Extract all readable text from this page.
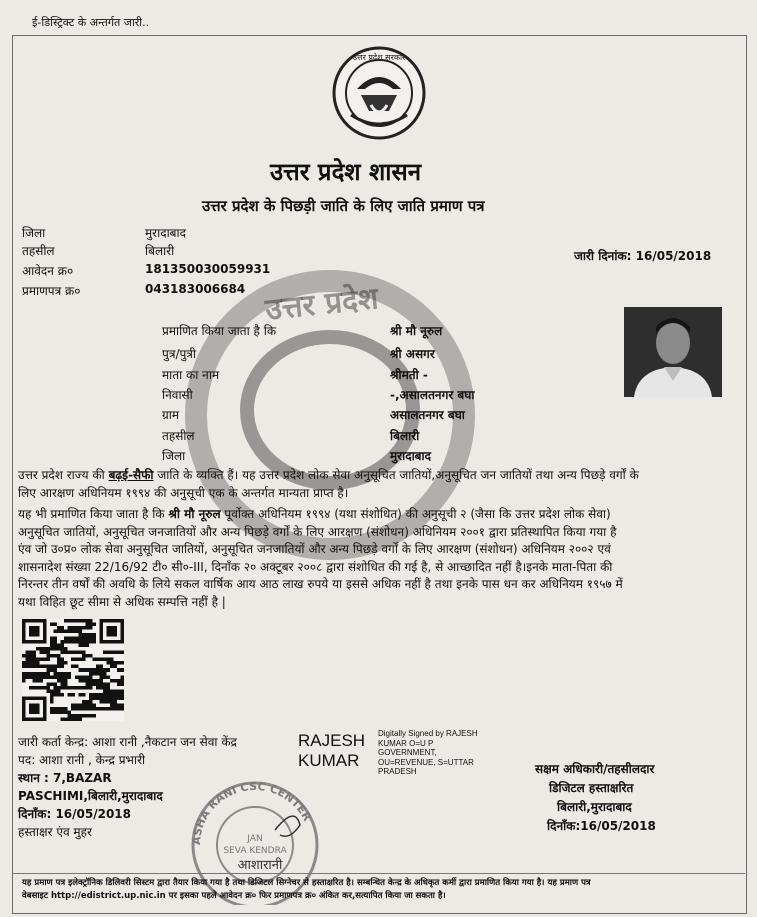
ई-डिस्ट्रिक्ट के अन्तर्गत जारी..
उत्तर प्रदेश
उत्तर प्रदेश सरकार
उत्तर प्रदेश शासन
उत्तर प्रदेश के पिछड़ी जाति के लिए जाति प्रमाण पत्र
जिला	मुरादाबाद
तहसील	बिलारी
आवेदन क्र०	181350030059931
प्रमाणपत्र क्र०	043183006684
जारी दिनांक: 16/05/2018
प्रमाणित किया जाता है कि	श्री मौ नूरुल
पुत्र/पुत्री	श्री असगर
माता का नाम	श्रीमती -
निवासी	-,असालतनगर बघा
ग्राम	असालतनगर बघा
तहसील	बिलारी
जिला	मुरादाबाद
उत्तर प्रदेश राज्य की बढ़ई-सैफी जाति के व्यक्ति हैं। यह उत्तर प्रदेश लोक सेवा अनुसूचित जातियों,अनुसूचित जन जातियों तथा अन्य पिछड़े वर्गों के
लिए आरक्षण अधिनियम १९९४ की अनुसूची एक के अन्तर्गत मान्यता प्राप्त है।
यह भी प्रमाणित किया जाता है कि श्री मौ नूरुल पूर्वोक्त अधिनियम १९९४ (यथा संशोधित) की अनुसूची २ (जैसा कि उत्तर प्रदेश लोक सेवा)
अनुसूचित जातियों, अनुसूचित जनजातियों और अन्य पिछड़े वर्गों के लिए आरक्षण (संशोधन) अधिनियम २००१ द्वारा प्रतिस्थापित किया गया है
एंव जो उ०प्र० लोक सेवा अनुसूचित जातियों, अनुसूचित जनजातियों और अन्य पिछड़े वर्गों के लिए आरक्षण (संशोधन) अधिनियम २००२ एवं
शासनादेश संख्या 22/16/92 टी० सी०-III, दिनाँक २० अक्टूबर २००८ द्वारा संशोधित की गई है, से आच्छादित नहीं है।इनके माता-पिता की
निरन्तर तीन वर्षों की अवधि के लिये सकल वार्षिक आय आठ लाख रुपये या इससे अधिक नहीं है तथा इनके पास धन कर अधिनियम १९५७ में
यथा विहित छूट सीमा से अधिक सम्पत्ति नहीं है |
जारी कर्ता केन्द्र: आशा रानी ,नैकटान जन सेवा केंद्र
पद: आशा रानी , केन्द्र प्रभारी
स्थान : 7,BAZAR
PASCHIMI,बिलारी,मुरादाबाद
दिनाँक: 16/05/2018
हस्ताक्षर एंव मुहर
ASHA RANI CSC CENTER
JAN
SEVA KENDRA
आशारानी
RAJESH
KUMAR
Digitally Signed by RAJESH
KUMAR O=U P
GOVERNMENT,
OU=REVENUE, S=UTTAR
PRADESH	सक्षम अधिकारी/तहसीलदार
डिजिटल हस्ताक्षरित
बिलारी,मुरादाबाद
दिनाँक:16/05/2018
यह प्रमाण पत्र इलेक्ट्रॉनिक डिलिवरी सिस्टम द्वारा तैयार किया गया है तथा डिजिटल सिग्नेचर से हस्ताक्षरित है। सम्बन्धित केन्द्र के अधिकृत कर्मी द्वारा प्रमाणित किया गया है। यह प्रमाण पत्र
वेबसाइट http://edistrict.up.nic.in पर इसका पहले आवेदन क्र० फिर प्रमाणपत्र क्र० अंकित कर,सत्यापित किया जा सकता है।
